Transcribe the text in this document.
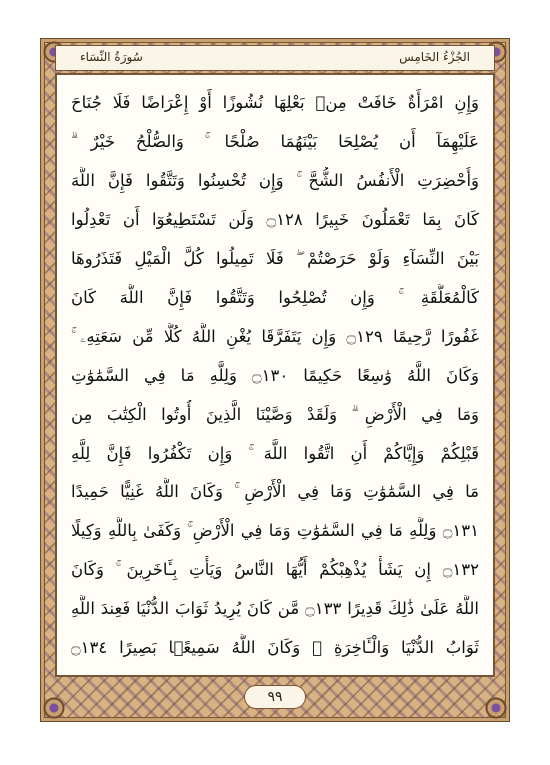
سُورَةُ النِّسَاء	الجُزْءُ الخَامِس
وَإِنِ امْرَأَةٌ خَافَتْ مِنۢ بَعْلِهَا نُشُوزًا أَوْ إِعْرَاضًا فَلَا جُنَاحَ
عَلَيْهِمَآ أَن يُصْلِحَا بَيْنَهُمَا صُلْحًا ۚ وَالصُّلْحُ خَيْرٌ ۗ
وَأُحْضِرَتِ الْأَنفُسُ الشُّحَّ ۚ وَإِن تُحْسِنُوا وَتَتَّقُوا فَإِنَّ اللَّهَ
كَانَ بِمَا تَعْمَلُونَ خَبِيرًا ۝١٢٨ وَلَن تَسْتَطِيعُوٓا أَن تَعْدِلُوا
بَيْنَ النِّسَآءِ وَلَوْ حَرَصْتُمْ ۖ فَلَا تَمِيلُوا كُلَّ الْمَيْلِ فَتَذَرُوهَا
كَالْمُعَلَّقَةِ ۚ وَإِن تُصْلِحُوا وَتَتَّقُوا فَإِنَّ اللَّهَ كَانَ
غَفُورًا رَّحِيمًا ۝١٢٩ وَإِن يَتَفَرَّقَا يُغْنِ اللَّهُ كُلًّا مِّن سَعَتِهِۦ ۚ
وَكَانَ اللَّهُ وَٰسِعًا حَكِيمًا ۝١٣٠ وَلِلَّهِ مَا فِي السَّمَٰوَٰتِ
وَمَا فِي الْأَرْضِ ۗ وَلَقَدْ وَصَّيْنَا الَّذِينَ أُوتُوا الْكِتَٰبَ مِن
قَبْلِكُمْ وَإِيَّاكُمْ أَنِ اتَّقُوا اللَّهَ ۚ وَإِن تَكْفُرُوا فَإِنَّ لِلَّهِ
مَا فِي السَّمَٰوَٰتِ وَمَا فِي الْأَرْضِ ۚ وَكَانَ اللَّهُ غَنِيًّا حَمِيدًا
۝١٣١ وَلِلَّهِ مَا فِي السَّمَٰوَٰتِ وَمَا فِي الْأَرْضِ ۚ وَكَفَىٰ بِاللَّهِ وَكِيلًا
۝١٣٢ إِن يَشَأْ يُذْهِبْكُمْ أَيُّهَا النَّاسُ وَيَأْتِ بِـَٔاخَرِينَ ۚ وَكَانَ
اللَّهُ عَلَىٰ ذَٰلِكَ قَدِيرًا ۝١٣٣ مَّن كَانَ يُرِيدُ ثَوَابَ الدُّنْيَا فَعِندَ اللَّهِ
ثَوَابُ الدُّنْيَا وَالْـَٔاخِرَةِ ۚ وَكَانَ اللَّهُ سَمِيعًۢا بَصِيرًا ۝١٣٤
٩٩
